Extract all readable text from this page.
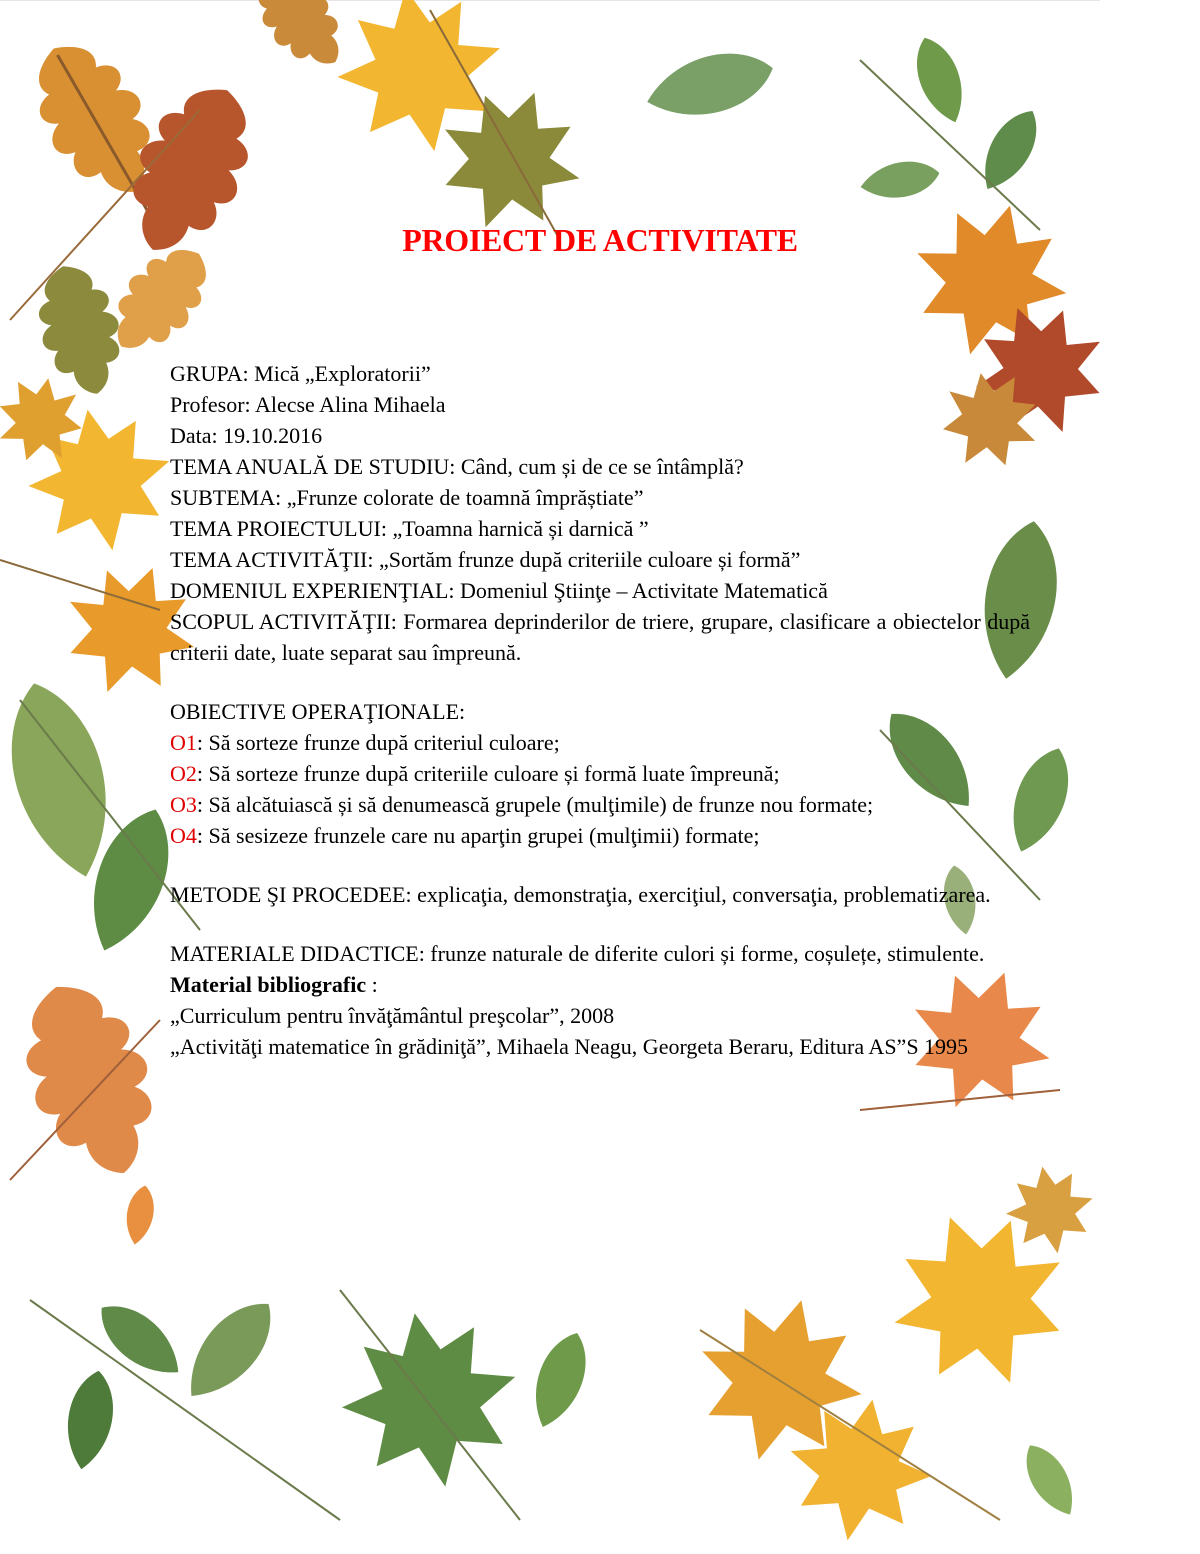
PROIECT DE ACTIVITATE

GRUPA: Mică „Exploratorii”

Profesor: Alecse Alina Mihaela

Data: 19.10.2016

TEMA ANUALĂ DE STUDIU: Când, cum și de ce se întâmplă?

SUBTEMA: „Frunze colorate de toamnă împrăștiate”

TEMA PROIECTULUI: „Toamna harnică și darnică ”

TEMA ACTIVITĂŢII: „Sortăm frunze după criteriile culoare și formă”

DOMENIUL EXPERIENŢIAL: Domeniul Ştiinţe – Activitate Matematică

SCOPUL ACTIVITĂŢII: Formarea deprinderilor de triere, grupare, clasificare a obiectelor după criterii date, luate separat sau împreună.

OBIECTIVE OPERAŢIONALE:

O1: Să sorteze frunze după criteriul culoare;

O2: Să sorteze frunze după criteriile culoare și formă luate împreună;

O3: Să alcătuiască și să denumească grupele (mulţimile) de frunze nou formate;

O4: Să sesizeze frunzele care nu aparţin grupei (mulţimii) formate;

METODE ŞI PROCEDEE: explicaţia, demonstraţia, exerciţiul, conversaţia, problematizarea.

MATERIALE DIDACTICE: frunze naturale de diferite culori și forme, coșulețe, stimulente.

Material bibliografic :

„Curriculum pentru învăţământul preşcolar”, 2008

„Activităţi matematice în grădiniţă”, Mihaela Neagu, Georgeta Beraru, Editura AS”S 1995
